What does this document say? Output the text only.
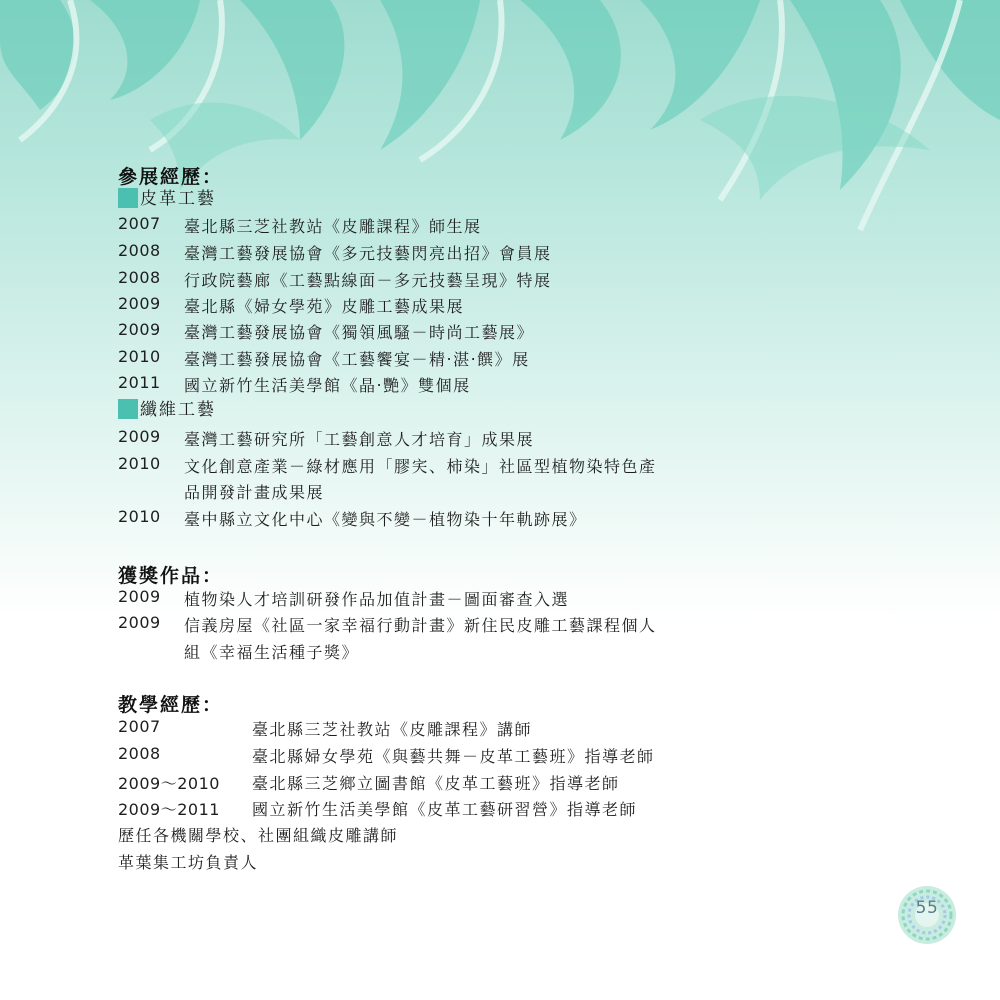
參展經歷：
皮革工藝
2007 臺北縣三芝社教站《皮雕課程》師生展
2008 臺灣工藝發展協會《多元技藝閃亮出招》會員展
2008 行政院藝廊《工藝點線面－多元技藝呈現》特展
2009 臺北縣《婦女學苑》皮雕工藝成果展
2009 臺灣工藝發展協會《獨領風騷－時尚工藝展》
2010 臺灣工藝發展協會《工藝饗宴－精‧湛‧饌》展
2011 國立新竹生活美學館《晶‧艷》雙個展
纖維工藝
2009 臺灣工藝研究所「工藝創意人才培育」成果展
2010 文化創意產業－綠材應用「膠宎、柿染」社區型植物染特色產
品開發計畫成果展
2010 臺中縣立文化中心《變與不變－植物染十年軌跡展》
獲獎作品：
2009 植物染人才培訓研發作品加值計畫－圖面審查入選
2009 信義房屋《社區一家幸福行動計畫》新住民皮雕工藝課程個人
組《幸福生活種子獎》
教學經歷：
2007	臺北縣三芝社教站《皮雕課程》講師
2008	臺北縣婦女學苑《與藝共舞－皮革工藝班》指導老師
2009～2010 臺北縣三芝鄉立圖書館《皮革工藝班》指導老師
2009～2011 國立新竹生活美學館《皮革工藝研習營》指導老師
歷任各機關學校、社團組織皮雕講師
革葉集工坊負責人
55
